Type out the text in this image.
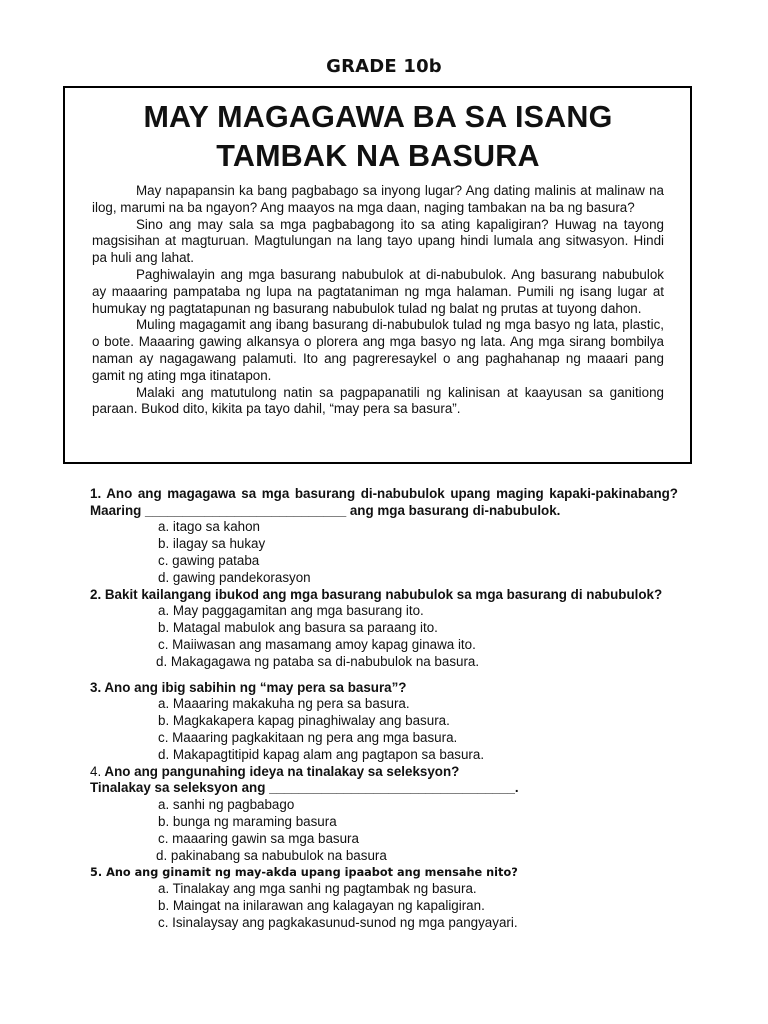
GRADE 10b
MAY MAGAGAWA BA SA ISANG
TAMBAK NA BASURA

May napapansin ka bang pagbabago sa inyong lugar? Ang dating malinis at malinaw na ilog, marumi na ba ngayon? Ang maayos na mga daan, naging tambakan na ba ng basura?

Sino ang may sala sa mga pagbabagong ito sa ating kapaligiran? Huwag na tayong magsisihan at magturuan. Magtulungan na lang tayo upang hindi lumala ang sitwasyon. Hindi pa huli ang lahat.

Paghiwalayin ang mga basurang nabubulok at di-nabubulok. Ang basurang nabubulok ay maaaring pampataba ng lupa na pagtataniman ng mga halaman. Pumili ng isang lugar at humukay ng pagtatapunan ng basurang nabubulok tulad ng balat ng prutas at tuyong dahon.

Muling magagamit ang ibang basurang di-nabubulok tulad ng mga basyo ng lata, plastic, o bote. Maaaring gawing alkansya o plorera ang mga basyo ng lata. Ang mga sirang bombilya naman ay nagagawang palamuti. Ito ang pagreresaykel o ang paghahanap ng maaari pang gamit ng ating mga itinatapon.

Malaki ang matutulong natin sa pagpapanatili ng kalinisan at kaayusan sa ganitiong paraan. Bukod dito, kikita pa tayo dahil, “may pera sa basura”.

1. Ano ang magagawa sa mga basurang di-nabubulok upang maging kapaki-pakinabang? Maaring ___________________________ ang mga basurang di-nabubulok.

a. itago sa kahon
b. ilagay sa hukay
c. gawing pataba
d. gawing pandekorasyon

2. Bakit kailangang ibukod ang mga basurang nabubulok sa mga basurang di nabubulok?

a. May paggagamitan ang mga basurang ito.
b. Matagal mabulok ang basura sa paraang ito.
c. Maiiwasan ang masamang amoy kapag ginawa ito.
d. Makagagawa ng pataba sa di-nabubulok na basura.

3. Ano ang ibig sabihin ng “may pera sa basura”?

a. Maaaring makakuha ng pera sa basura.
b. Magkakapera kapag pinaghiwalay ang basura.
c. Maaaring pagkakitaan ng pera ang mga basura.
d. Makapagtitipid kapag alam ang pagtapon sa basura.

4. Ano ang pangunahing ideya na tinalakay sa seleksyon?

Tinalakay sa seleksyon ang _________________________________.

a. sanhi ng pagbabago
b. bunga ng maraming basura
c. maaaring gawin sa mga basura
d. pakinabang sa nabubulok na basura

5. Ano ang ginamit ng may-akda upang ipaabot ang mensahe nito?

a. Tinalakay ang mga sanhi ng pagtambak ng basura.
b. Maingat na inilarawan ang kalagayan ng kapaligiran.
c. Isinalaysay ang pagkakasunud-sunod ng mga pangyayari.
